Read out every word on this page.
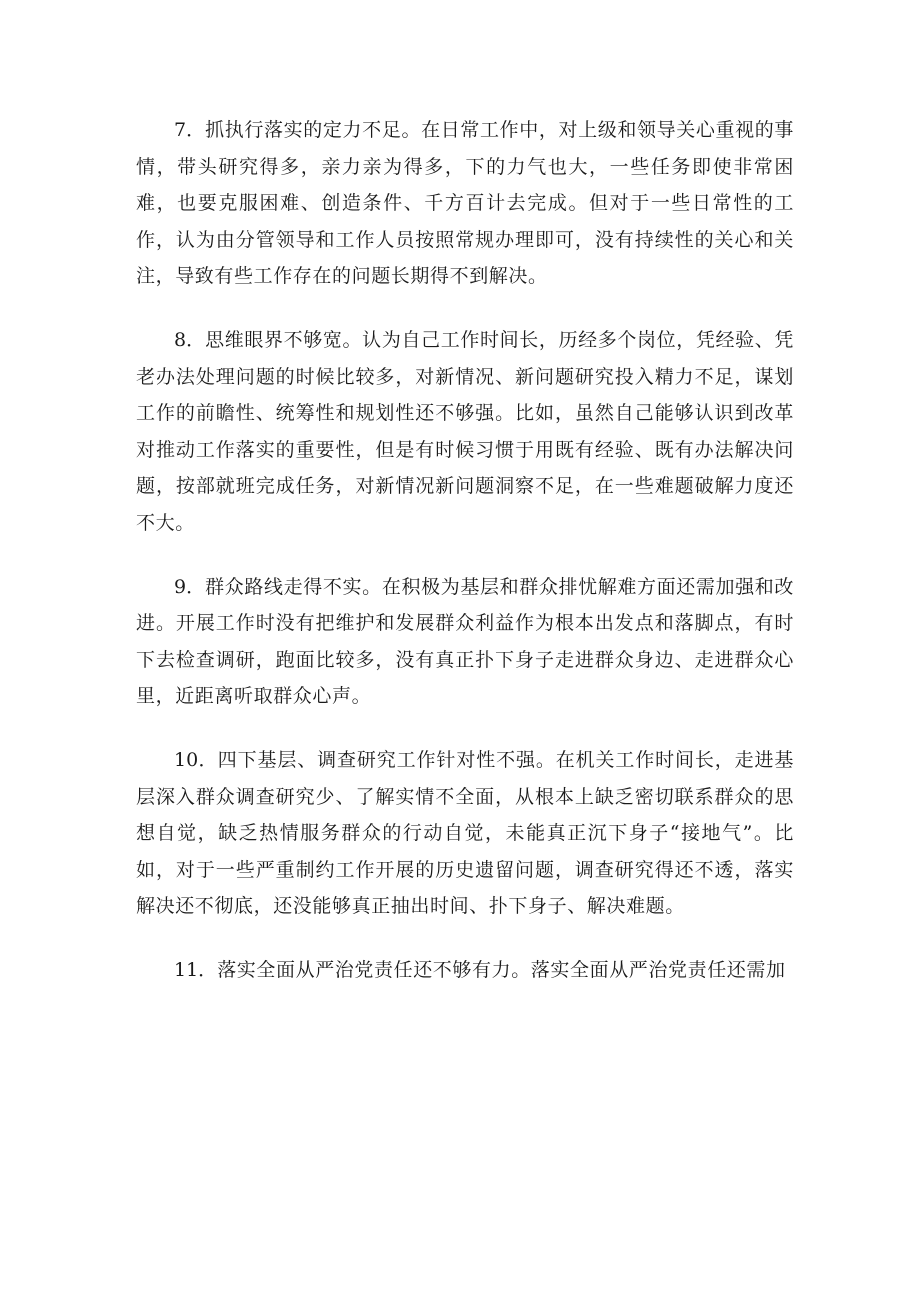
7．抓执行落实的定力不足。在日常工作中，对上级和领导关心重视的事情，带头研究得多，亲力亲为得多，下的力气也大，一些任务即使非常困难，也要克服困难、创造条件、千方百计去完成。但对于一些日常性的工作，认为由分管领导和工作人员按照常规办理即可，没有持续性的关心和关注，导致有些工作存在的问题长期得不到解决。

8．思维眼界不够宽。认为自己工作时间长，历经多个岗位，凭经验、凭老办法处理问题的时候比较多，对新情况、新问题研究投入精力不足，谋划工作的前瞻性、统筹性和规划性还不够强。比如，虽然自己能够认识到改革对推动工作落实的重要性，但是有时候习惯于用既有经验、既有办法解决问题，按部就班完成任务，对新情况新问题洞察不足，在一些难题破解力度还不大。

9．群众路线走得不实。在积极为基层和群众排忧解难方面还需加强和改进。开展工作时没有把维护和发展群众利益作为根本出发点和落脚点，有时下去检查调研，跑面比较多，没有真正扑下身子走进群众身边、走进群众心里，近距离听取群众心声。

10．四下基层、调查研究工作针对性不强。在机关工作时间长，走进基层深入群众调查研究少、了解实情不全面，从根本上缺乏密切联系群众的思想自觉，缺乏热情服务群众的行动自觉，未能真正沉下身子“接地气”。比如，对于一些严重制约工作开展的历史遗留问题，调查研究得还不透，落实解决还不彻底，还没能够真正抽出时间、扑下身子、解决难题。

11．落实全面从严治党责任还不够有力。落实全面从严治党责任还需加
